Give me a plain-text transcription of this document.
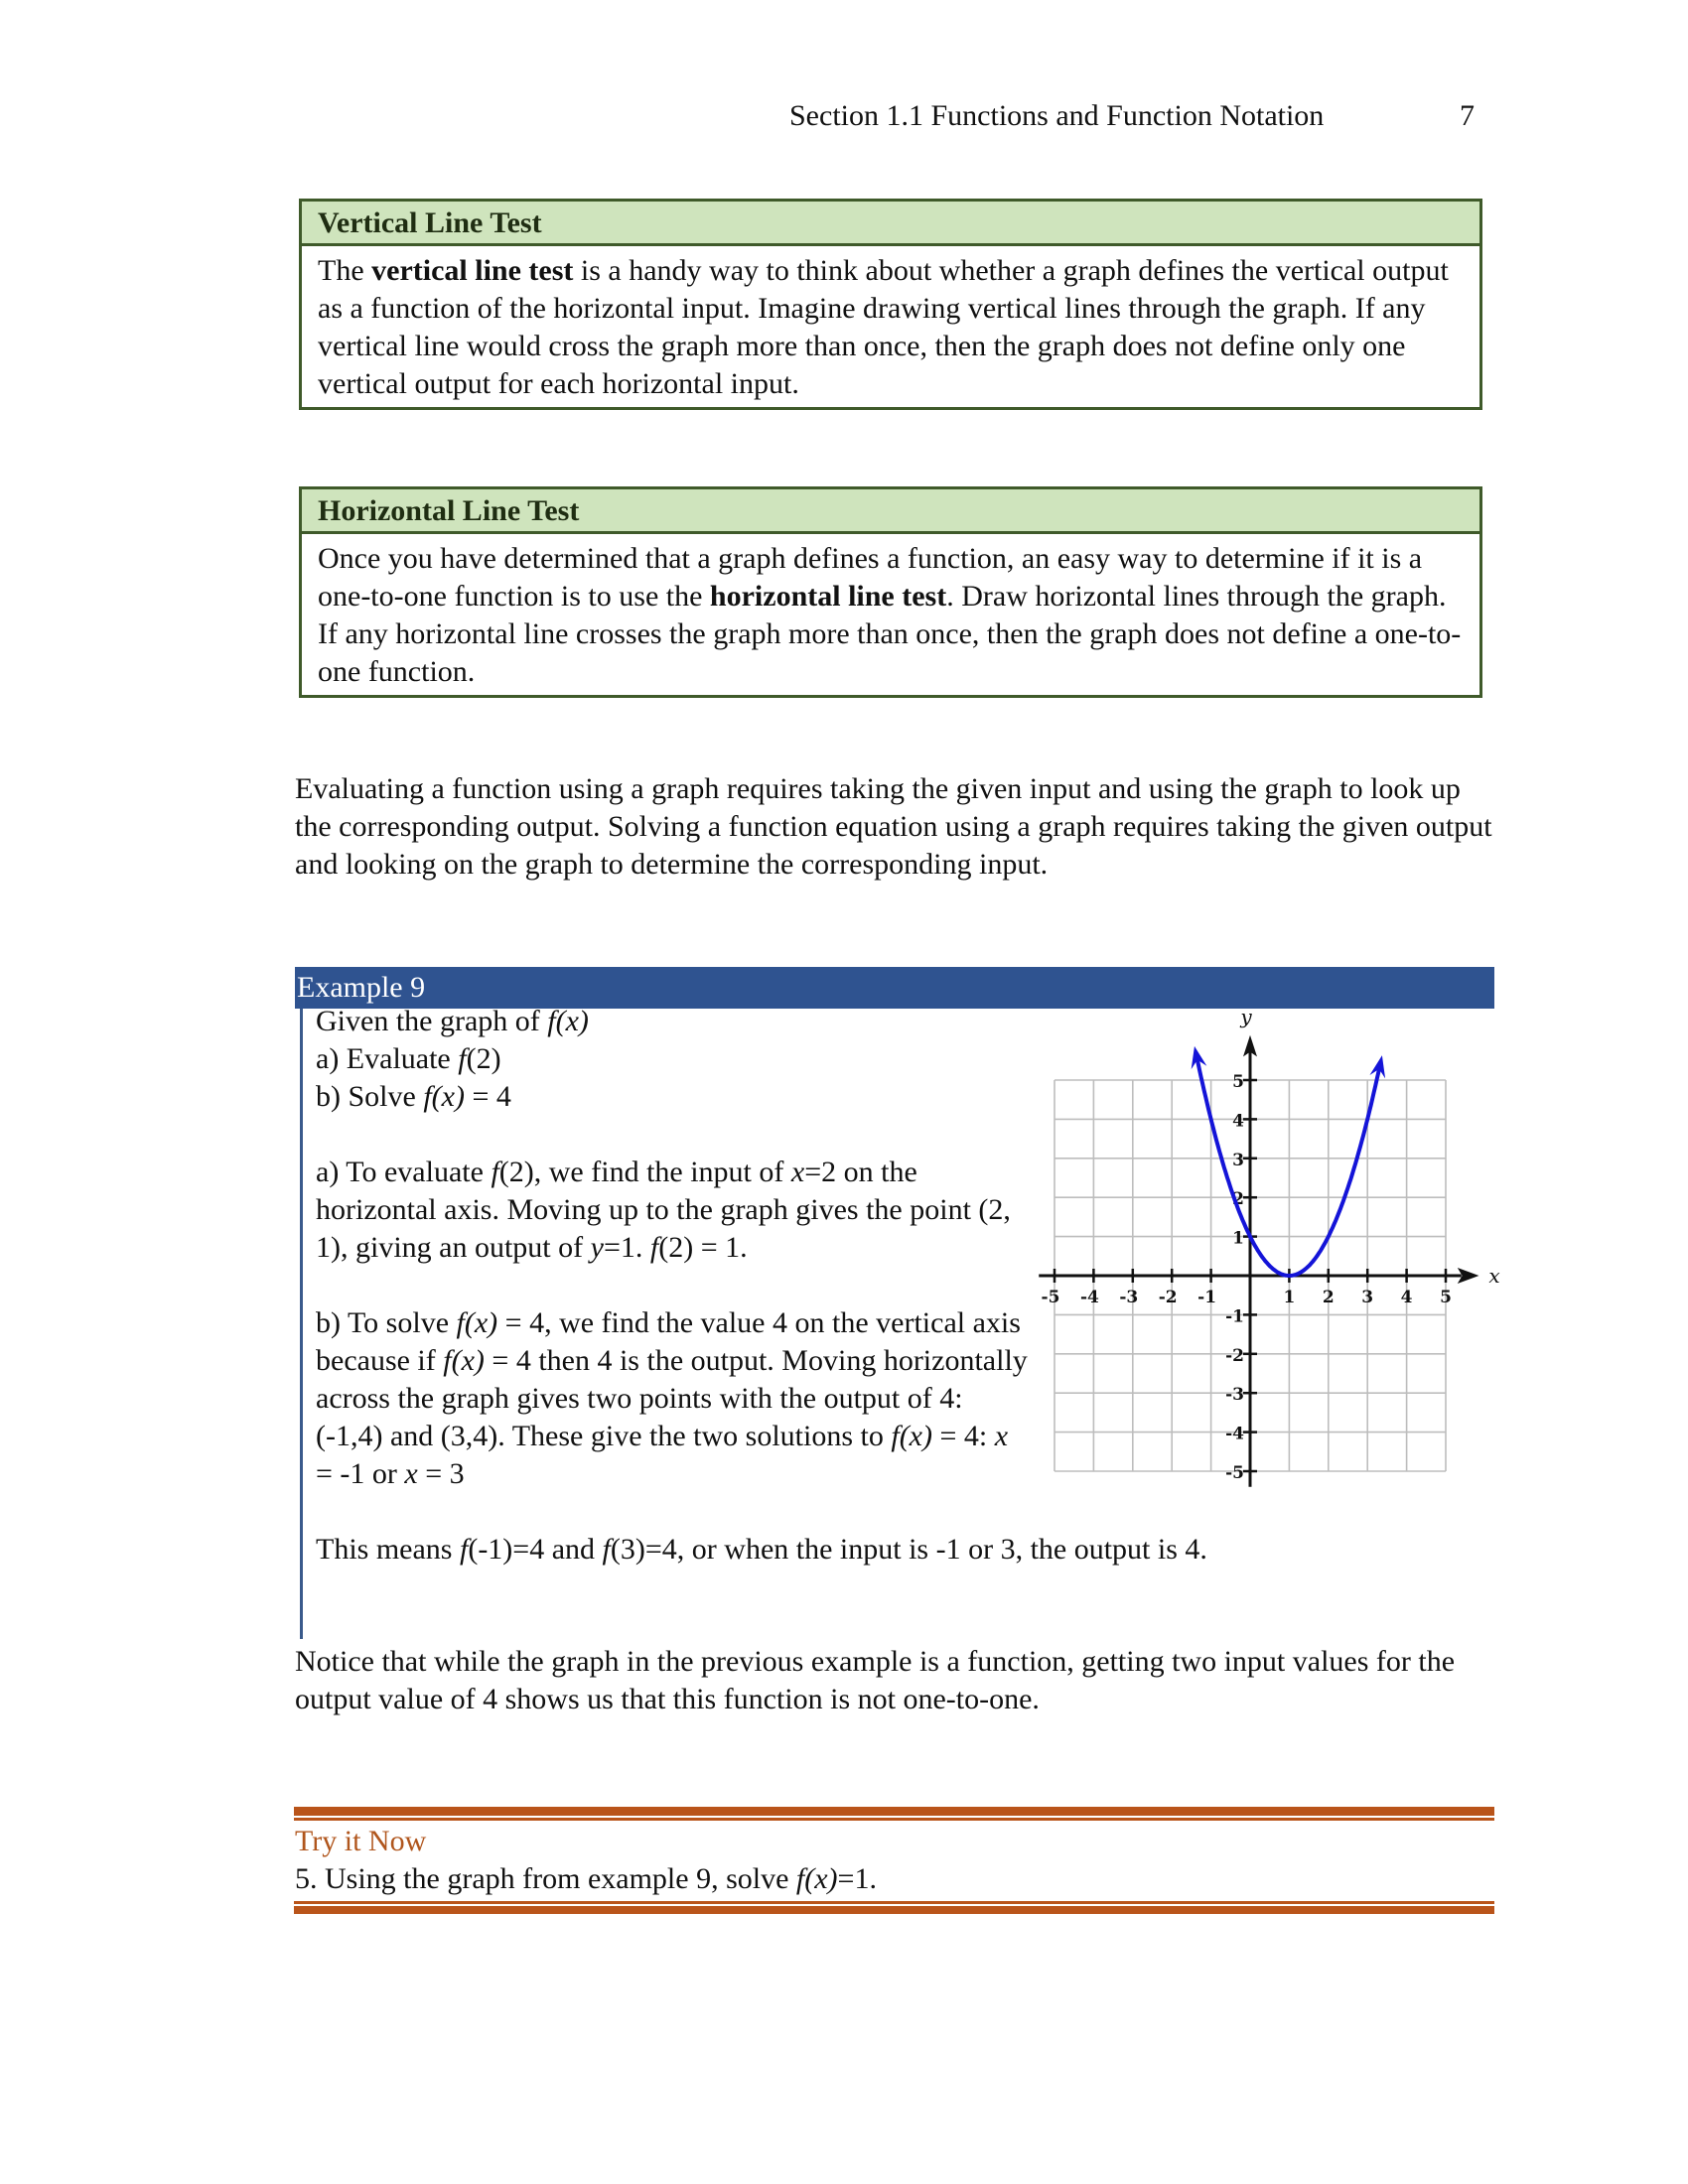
Section 1.1 Functions and Function Notation	7
Vertical Line Test
The vertical line test is a handy way to think about whether a graph defines the vertical output as a function of the horizontal input. Imagine drawing vertical lines through the graph. If any vertical line would cross the graph more than once, then the graph does not define only one vertical output for each horizontal input.
Horizontal Line Test
Once you have determined that a graph defines a function, an easy way to determine if it is a one-to-one function is to use the horizontal line test. Draw horizontal lines through the graph. If any horizontal line crosses the graph more than once, then the graph does not define a one-to-one function.
Evaluating a function using a graph requires taking the given input and using the graph to look up the corresponding output. Solving a function equation using a graph requires taking the given output and looking on the graph to determine the corresponding input.
Example 9
Given the graph of f(x)
a) Evaluate f(2)
b) Solve f(x) = 4
a) To evaluate f(2), we find the input of x=2 on the horizontal axis. Moving up to the graph gives the point (2, 1), giving an output of y=1. f(2) = 1.
b) To solve f(x) = 4, we find the value 4 on the vertical axis because if f(x) = 4 then 4 is the output. Moving horizontally across the graph gives two points with the output of 4: (-1,4) and (3,4). These give the two solutions to f(x) = 4: x = -1 or x = 3
This means f(-1)=4 and f(3)=4, or when the input is -1 or 3, the output is 4.
-5 -4 -3 -2 -1	1 2 3 4 5
5
4
3
2
1
-1
-2
-3
-4
-5
x
y
Notice that while the graph in the previous example is a function, getting two input values for the output value of 4 shows us that this function is not one-to-one.
Try it Now
5. Using the graph from example 9, solve f(x)=1.
